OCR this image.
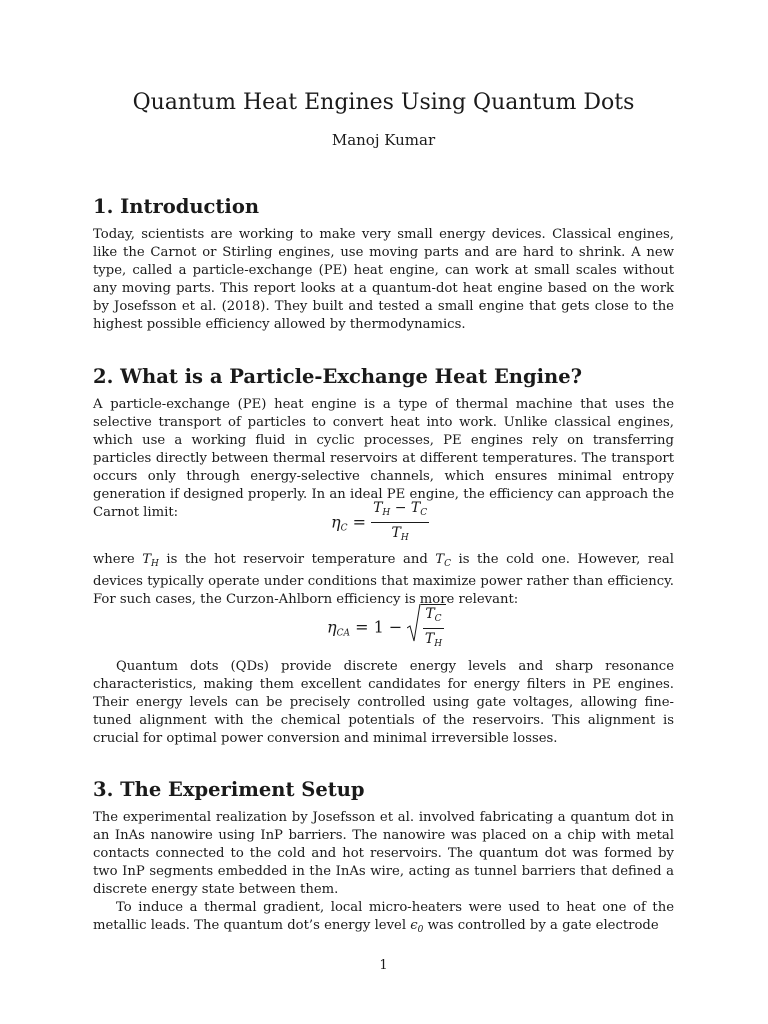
Quantum Heat Engines Using Quantum Dots

Manoj Kumar

1. Introduction

Today, scientists are working to make very small energy devices. Classical engines, like the Carnot or Stirling engines, use moving parts and are hard to shrink. A new type, called a particle-exchange (PE) heat engine, can work at small scales without any moving parts. This report looks at a quantum-dot heat engine based on the work by Josefsson et al. (2018). They built and tested a small engine that gets close to the highest possible efficiency allowed by thermodynamics.

2. What is a Particle-Exchange Heat Engine?

A particle-exchange (PE) heat engine is a type of thermal machine that uses the selective transport of particles to convert heat into work. Unlike classical engines, which use a working fluid in cyclic processes, PE engines rely on transferring particles directly between thermal reservoirs at different temperatures. The transport occurs only through energy-selective channels, which ensures minimal entropy generation if designed properly. In an ideal PE engine, the efficiency can approach the Carnot limit:	$\eta_C = \frac{T_H - T_C}{T_H}$

where $T_H$ is the hot reservoir temperature and $T_C$ is the cold one. However, real devices typically operate under conditions that maximize power rather than efficiency. For such cases, the Curzon-Ahlborn efficiency is more relevant:

$\eta_{CA} = 1 - \frac{T_C}{T_H}$

Quantum dots (QDs) provide discrete energy levels and sharp resonance characteristics, making them excellent candidates for energy filters in PE engines. Their energy levels can be precisely controlled using gate voltages, allowing fine-tuned alignment with the chemical potentials of the reservoirs. This alignment is crucial for optimal power conversion and minimal irreversible losses.

3. The Experiment Setup

The experimental realization by Josefsson et al. involved fabricating a quantum dot in an InAs nanowire using InP barriers. The nanowire was placed on a chip with metal contacts connected to the cold and hot reservoirs. The quantum dot was formed by two InP segments embedded in the InAs wire, acting as tunnel barriers that defined a discrete energy state between them.

To induce a thermal gradient, local micro-heaters were used to heat one of the metallic leads. The quantum dot’s energy level $\epsilon_0$ was controlled by a gate electrode

1
